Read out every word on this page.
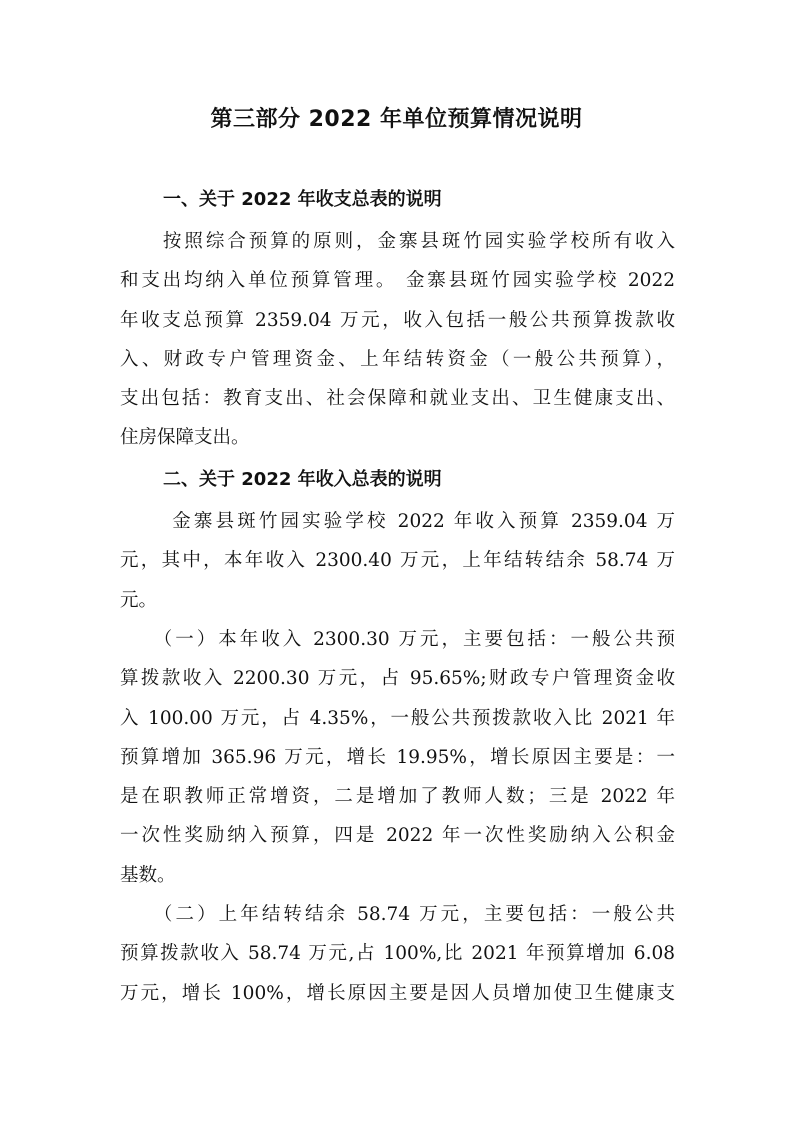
第三部分 2022 年单位预算情况说明
一、关于 2022 年收支总表的说明
　　按照综合预算的原则，金寨县斑竹园实验学校所有收入
和支出均纳入单位预算管理。 金寨县斑竹园实验学校 2022
年收支总预算 2359.04 万元，收入包括一般公共预算拨款收
入、财政专户管理资金、上年结转资金（一般公共预算），
支出包括：教育支出、社会保障和就业支出、卫生健康支出、
住房保障支出。
二、关于 2022 年收入总表的说明
　　 金寨县斑竹园实验学校 2022 年收入预算 2359.04 万
元，其中，本年收入 2300.40 万元，上年结转结余 58.74 万
元。
　　（一）本年收入 2300.30 万元，主要包括：一般公共预
算拨款收入 2200.30 万元，占 95.65%;财政专户管理资金收
入 100.00 万元，占 4.35%，一般公共预拨款收入比 2021 年
预算增加 365.96 万元，增长 19.95%，增长原因主要是：一
是在职教师正常增资，二是增加了教师人数；三是 2022 年
一次性奖励纳入预算，四是 2022 年一次性奖励纳入公积金
基数。
　　（二）上年结转结余 58.74 万元，主要包括：一般公共
预算拨款收入 58.74 万元,占 100%,比 2021 年预算增加 6.08
万元，增长 100%，增长原因主要是因人员增加使卫生健康支
